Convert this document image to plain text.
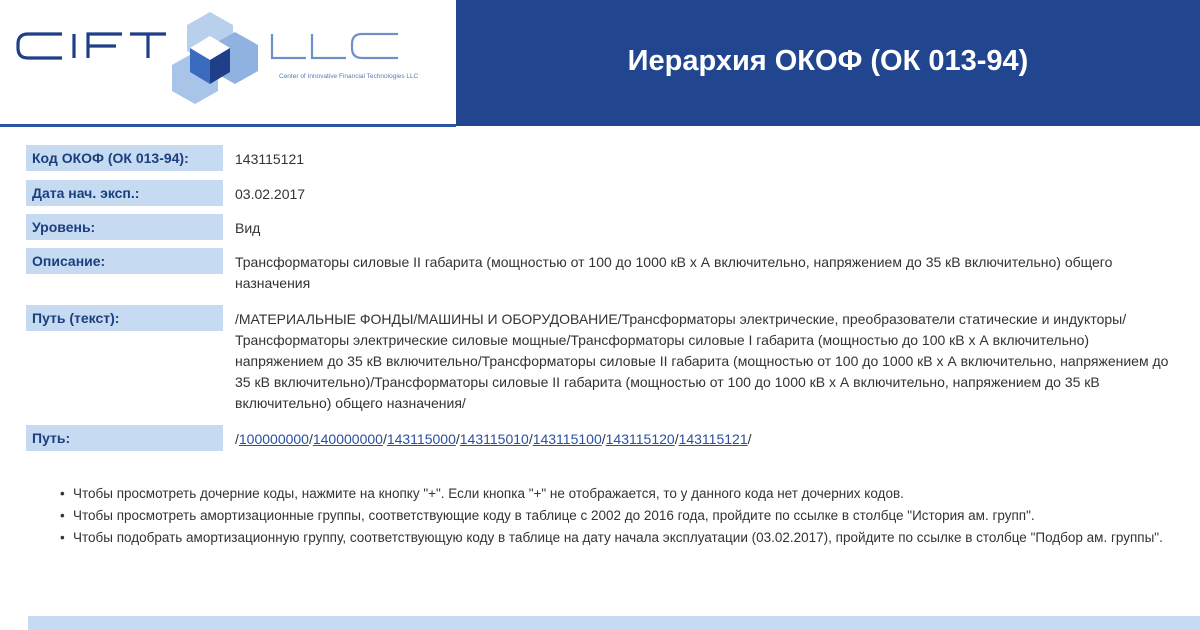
Center of Innovative Financial Technologies LLC	Иерархия ОКОФ (ОК 013-94)
Код ОКОФ (ОК 013-94):	143115121
Дата нач. эксп.:	03.02.2017
Уровень:	Вид
Описание:	Трансформаторы силовые II габарита (мощностью от 100 до 1000 кВ х А включительно, напряжением до 35 кВ включительно) общего назначения
Путь (текст):	/МАТЕРИАЛЬНЫЕ ФОНДЫ/МАШИНЫ И ОБОРУДОВАНИЕ/Трансформаторы электрические, преобразователи статические и индукторы/Трансформаторы электрические силовые мощные/Трансформаторы силовые I габарита (мощностью до 100 кВ х А включительно) напряжением до 35 кВ включительно/Трансформаторы силовые II габарита (мощностью от 100 до 1000 кВ х А включительно, напряжением до 35 кВ включительно)/Трансформаторы силовые II габарита (мощностью от 100 до 1000 кВ х А включительно, напряжением до 35 кВ включительно) общего назначения/
Путь:	/100000000/140000000/143115000/143115010/143115100/143115120/143115121/
• Чтобы просмотреть дочерние коды, нажмите на кнопку "+". Если кнопка "+" не отображается, то у данного кода нет дочерних кодов.
• Чтобы просмотреть амортизационные группы, соответствующие коду в таблице с 2002 до 2016 года, пройдите по ссылке в столбце "История ам. групп".
• Чтобы подобрать амортизационную группу, соответствующую коду в таблице на дату начала эксплуатации (03.02.2017), пройдите по ссылке в столбце "Подбор ам. группы".
